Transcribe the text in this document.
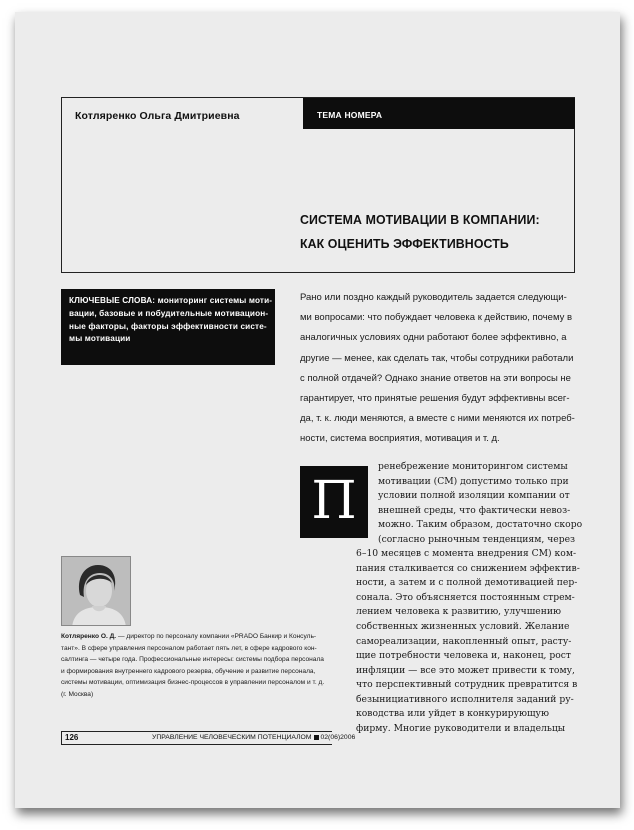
Котляренко Ольга Дмитриевна	ТЕМА НОМЕРА
СИСТЕМА МОТИВАЦИИ В КОМПАНИИ:
КАК ОЦЕНИТЬ ЭФФЕКТИВНОСТЬ
КЛЮЧЕВЫЕ СЛОВА: мониторинг системы моти-
вации, базовые и побудительные мотивацион-
ные факторы, факторы эффективности систе-
мы мотивации
Рано или поздно каждый руководитель задается следующи-
ми вопросами: что побуждает человека к действию, почему в
аналогичных условиях одни работают более эффективно, а
другие — менее, как сделать так, чтобы сотрудники работали
с полной отдачей? Однако знание ответов на эти вопросы не
гарантирует, что принятые решения будут эффективны всег-
да, т. к. люди меняются, а вместе с ними меняются их потреб-
ности, система восприятия, мотивация и т. д.
П
ренебрежение мониторингом системы
мотивации (СМ) допустимо только при
условии полной изоляции компании от
внешней среды, что фактически невоз-
можно. Таким образом, достаточно скоро
(согласно рыночным тенденциям, через
6–10 месяцев с момента внедрения СМ) ком-
пания сталкивается со снижением эффектив-
ности, а затем и с полной демотивацией пер-
сонала. Это объясняется постоянным стрем-
лением человека к развитию, улучшению
собственных жизненных условий. Желание
самореализации, накопленный опыт, расту-
щие потребности человека и, наконец, рост
инфляции — все это может привести к тому,
что перспективный сотрудник превратится в
безынициативного исполнителя заданий ру-
ководства или уйдет в конкурирующую
фирму. Многие руководители и владельцы
Котляренко О. Д. — директор по персоналу компании «PRADO Банкир и Консуль-
тант». В сфере управления персоналом работает пять лет, в сфере кадрового кон-
салтинга — четыре года. Профессиональные интересы: системы подбора персонала
и формирования внутреннего кадрового резерва, обучение и развитие персонала,
системы мотивации, оптимизация бизнес-процессов в управлении персоналом и т. д.
(г. Москва)
126	УПРАВЛЕНИЕ ЧЕЛОВЕЧЕСКИМ ПОТЕНЦИАЛОМ 02(06)2006
